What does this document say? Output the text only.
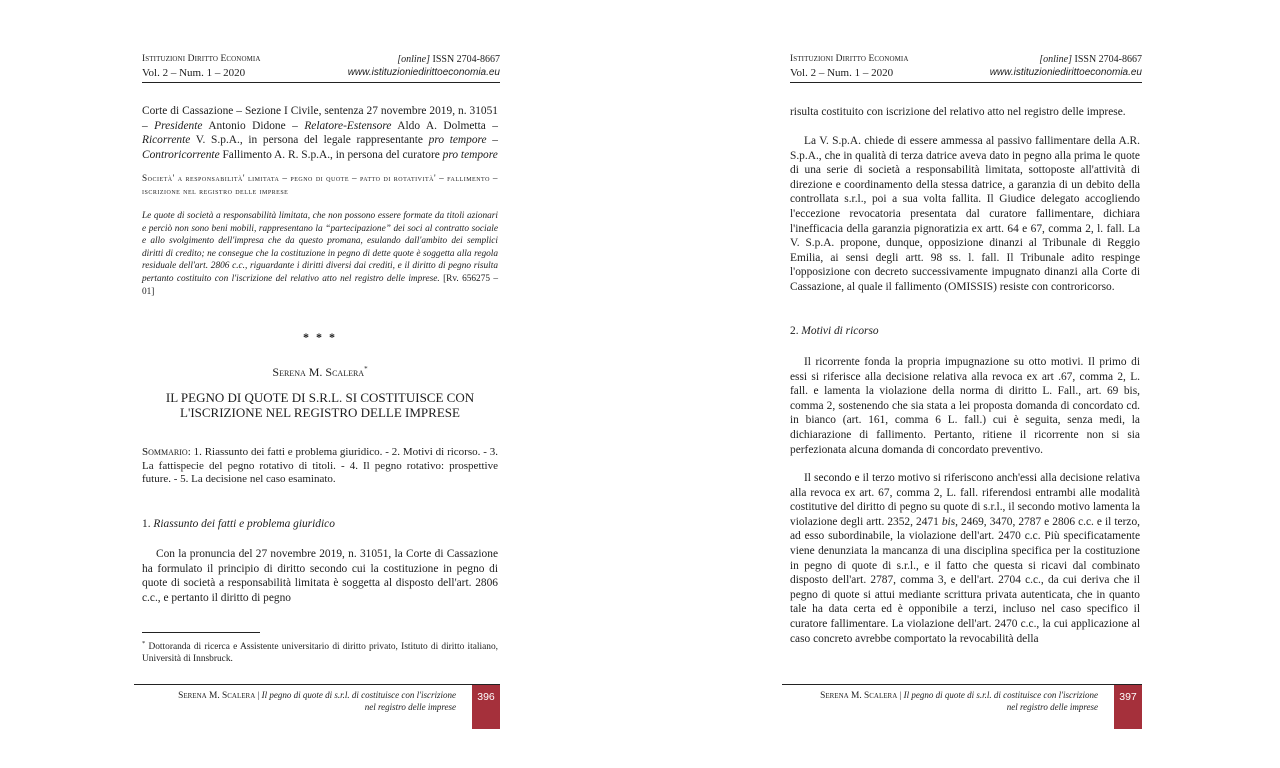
Istituzioni Diritto Economia
Vol. 2 – Num. 1 – 2020
[online] ISSN 2704-8667
www.istituzioniedirittoeconomia.eu

Corte di Cassazione – Sezione I Civile, sentenza 27 novembre 2019, n. 31051 – Presidente Antonio Didone – Relatore-Estensore Aldo A. Dolmetta – Ricorrente V. S.p.A., in persona del legale rappresentante pro tempore – Controricorrente Fallimento A. R. S.p.A., in persona del curatore pro tempore

Società' a responsabilità' limitata – pegno di quote – patto di rotatività' – fallimento – iscrizione nel registro delle imprese

Le quote di società a responsabilità limitata, che non possono essere formate da titoli azionari e perciò non sono beni mobili, rappresentano la “partecipazione” dei soci al contratto sociale e allo svolgimento dell'impresa che da questo promana, esulando dall'ambito dei semplici diritti di credito; ne consegue che la costituzione in pegno di dette quote è soggetta alla regola residuale dell'art. 2806 c.c., riguardante i diritti diversi dai crediti, e il diritto di pegno risulta pertanto costituito con l'iscrizione del relativo atto nel registro delle imprese. [Rv. 656275 – 01]

* * *

Serena M. Scalera*

IL PEGNO DI QUOTE DI S.R.L. SI COSTITUISCE CON L'ISCRIZIONE NEL REGISTRO DELLE IMPRESE

Sommario: 1. Riassunto dei fatti e problema giuridico. - 2. Motivi di ricorso. - 3. La fattispecie del pegno rotativo di titoli. - 4. Il pegno rotativo: prospettive future. - 5. La decisione nel caso esaminato.

1. Riassunto dei fatti e problema giuridico

Con la pronuncia del 27 novembre 2019, n. 31051, la Corte di Cassazione ha formulato il principio di diritto secondo cui la costituzione in pegno di quote di società a responsabilità limitata è soggetta al disposto dell'art. 2806 c.c., e pertanto il diritto di pegno

* Dottoranda di ricerca e Assistente universitario di diritto privato, Istituto di diritto italiano, Università di Innsbruck.

Serena M. Scalera | Il pegno di quote di s.r.l. di costituisce con l'iscrizione
nel registro delle imprese
396
Istituzioni Diritto Economia
Vol. 2 – Num. 1 – 2020
[online] ISSN 2704-8667
www.istituzioniedirittoeconomia.eu

risulta costituito con iscrizione del relativo atto nel registro delle imprese.

La V. S.p.A. chiede di essere ammessa al passivo fallimentare della A.R. S.p.A., che in qualità di terza datrice aveva dato in pegno alla prima le quote di una serie di società a responsabilità limitata, sottoposte all'attività di direzione e coordinamento della stessa datrice, a garanzia di un debito della controllata s.r.l., poi a sua volta fallita. Il Giudice delegato accogliendo l'eccezione revocatoria presentata dal curatore fallimentare, dichiara l'inefficacia della garanzia pignoratizia ex artt. 64 e 67, comma 2, l. fall. La V. S.p.A. propone, dunque, opposizione dinanzi al Tribunale di Reggio Emilia, ai sensi degli artt. 98 ss. l. fall. Il Tribunale adito respinge l'opposizione con decreto successivamente impugnato dinanzi alla Corte di Cassazione, al quale il fallimento (OMISSIS) resiste con controricorso.

2. Motivi di ricorso

Il ricorrente fonda la propria impugnazione su otto motivi. Il primo di essi si riferisce alla decisione relativa alla revoca ex art .67, comma 2, L. fall. e lamenta la violazione della norma di diritto L. Fall., art. 69 bis, comma 2, sostenendo che sia stata a lei proposta domanda di concordato cd. in bianco (art. 161, comma 6 L. fall.) cui è seguita, senza medi, la dichiarazione di fallimento. Pertanto, ritiene il ricorrente non si sia perfezionata alcuna domanda di concordato preventivo.

Il secondo e il terzo motivo si riferiscono anch'essi alla decisione relativa alla revoca ex art. 67, comma 2, L. fall. riferendosi entrambi alle modalità costitutive del diritto di pegno su quote di s.r.l., il secondo motivo lamenta la violazione degli artt. 2352, 2471 bis, 2469, 3470, 2787 e 2806 c.c. e il terzo, ad esso subordinabile, la violazione dell'art. 2470 c.c. Più specificatamente viene denunziata la mancanza di una disciplina specifica per la costituzione in pegno di quote di s.r.l., e il fatto che questa si ricavi dal combinato disposto dell'art. 2787, comma 3, e dell'art. 2704 c.c., da cui deriva che il pegno di quote si attui mediante scrittura privata autenticata, che in quanto tale ha data certa ed è opponibile a terzi, incluso nel caso specifico il curatore fallimentare. La violazione dell'art. 2470 c.c., la cui applicazione al caso concreto avrebbe comportato la revocabilità della

Serena M. Scalera | Il pegno di quote di s.r.l. di costituisce con l'iscrizione
nel registro delle imprese
397
